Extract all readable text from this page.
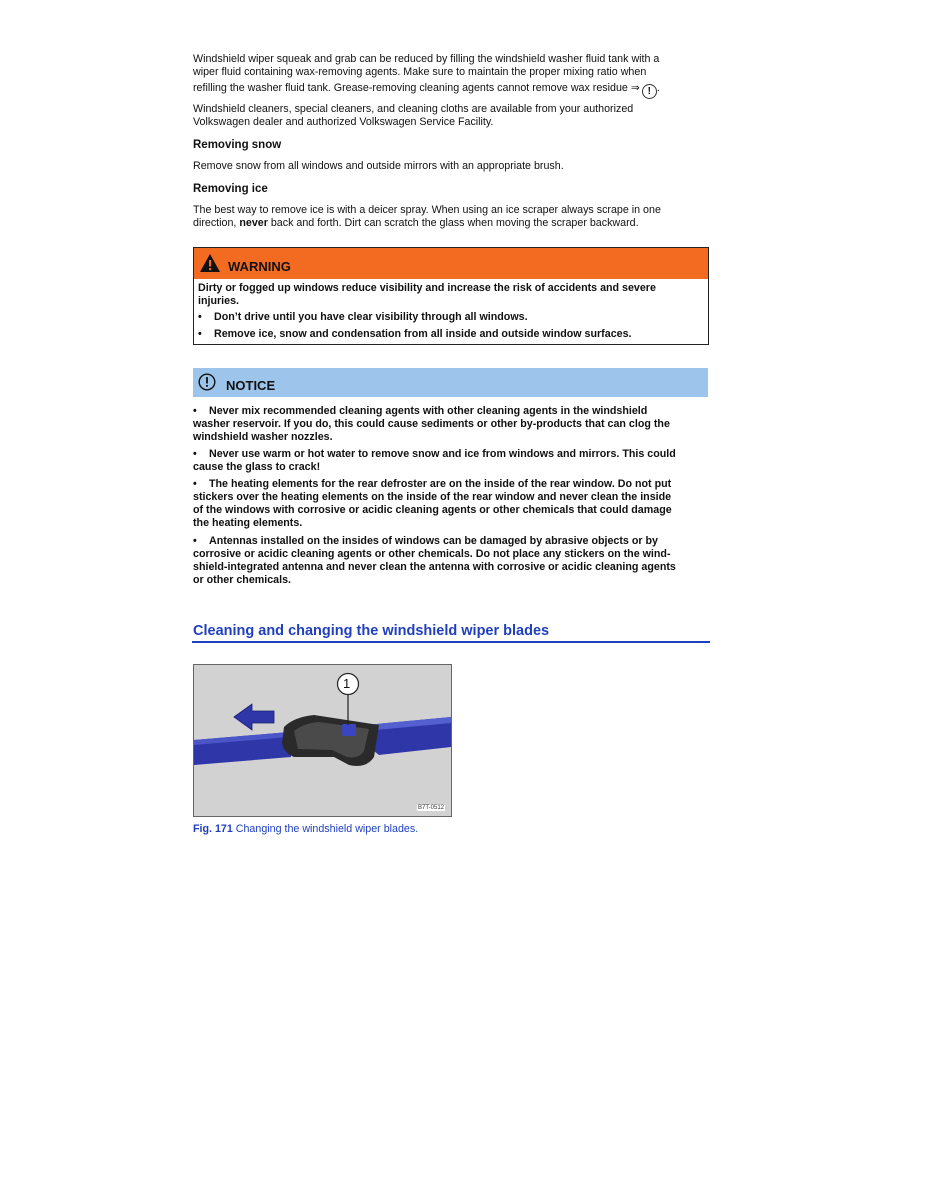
Windshield wiper squeak and grab can be reduced by filling the windshield washer fluid tank with a
wiper fluid containing wax-removing agents. Make sure to maintain the proper mixing ratio when

refilling the washer fluid tank. Grease-removing cleaning agents cannot remove wax residue ⇒ ! .

Windshield cleaners, special cleaners, and cleaning cloths are available from your authorized
Volkswagen dealer and authorized Volkswagen Service Facility.

Removing snow

Remove snow from all windows and outside mirrors with an appropriate brush.

Removing ice

The best way to remove ice is with a deicer spray. When using an ice scraper always scrape in one
direction, never back and forth. Dirt can scratch the glass when moving the scraper backward.

WARNING

Dirty or fogged up windows reduce visibility and increase the risk of accidents and severe
injuries.

• Don’t drive until you have clear visibility through all windows.

• Remove ice, snow and condensation from all inside and outside window surfaces.

NOTICE

• Never mix recommended cleaning agents with other cleaning agents in the windshield
washer reservoir. If you do, this could cause sediments or other by-products that can clog the
windshield washer nozzles.

• Never use warm or hot water to remove snow and ice from windows and mirrors. This could
cause the glass to crack!

• The heating elements for the rear defroster are on the inside of the rear window. Do not put
stickers over the heating elements on the inside of the rear window and never clean the inside
of the windows with corrosive or acidic cleaning agents or other chemicals that could damage
the heating elements.

• Antennas installed on the insides of windows can be damaged by abrasive objects or by
corrosive or acidic cleaning agents or other chemicals. Do not place any stickers on the wind-
shield-integrated antenna and never clean the antenna with corrosive or acidic cleaning agents
or other chemicals.

Cleaning and changing the windshield wiper blades
1
B7T-0512

Fig. 171 Changing the windshield wiper blades.
